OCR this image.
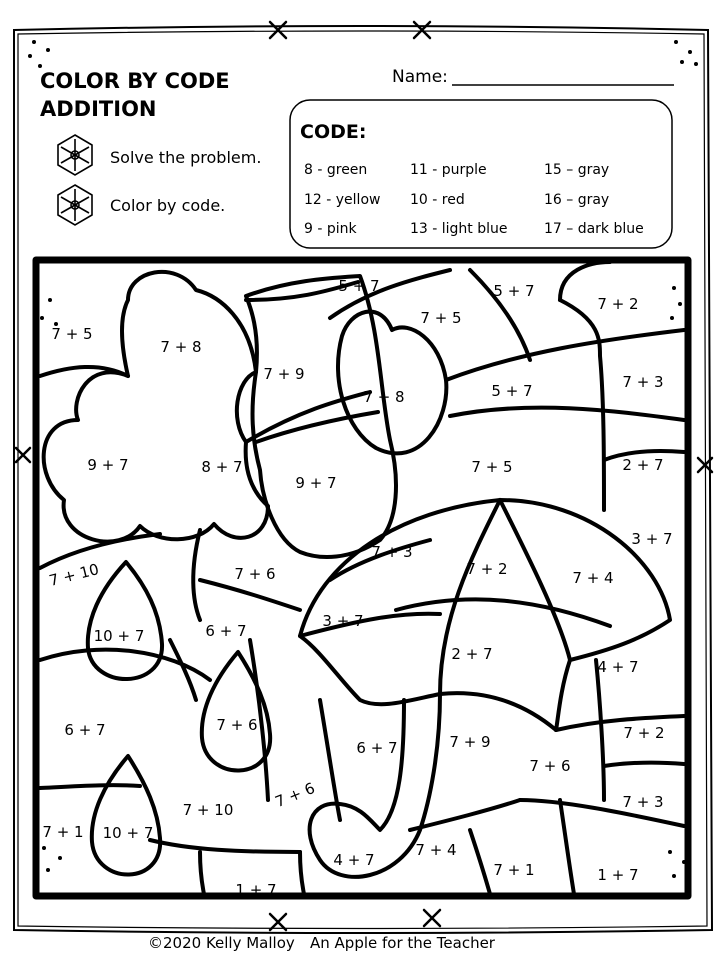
COLOR BY CODE
ADDITION
Solve the problem.
Color by code.
Name:
CODE:
8 - green	11 - purple	15 – gray
12 - yellow 10 - red	16 – gray
9 - pink	13 - light blue	17 – dark blue
5 + 7
7 + 5
5 + 7
7 + 2
7 + 5
7 + 8
7 + 9
7 + 8	5 + 7	7 + 3
9 + 7	8 + 7
9 + 7
7 + 5	2 + 7
7 + 10	7 + 6
7 + 3
7 + 2	7 + 4
3 + 7
10 + 7	6 + 7
3 + 7
2 + 7
4 + 7
6 + 7	7 + 6
6 + 7	7 + 9
7 + 6
7 + 2
7 + 10	7 + 6	7 + 3
7 + 1 10 + 7
4 + 7
7 + 4
7 + 1
1 + 7
1 + 7
©2020 Kelly Malloy An Apple for the Teacher
